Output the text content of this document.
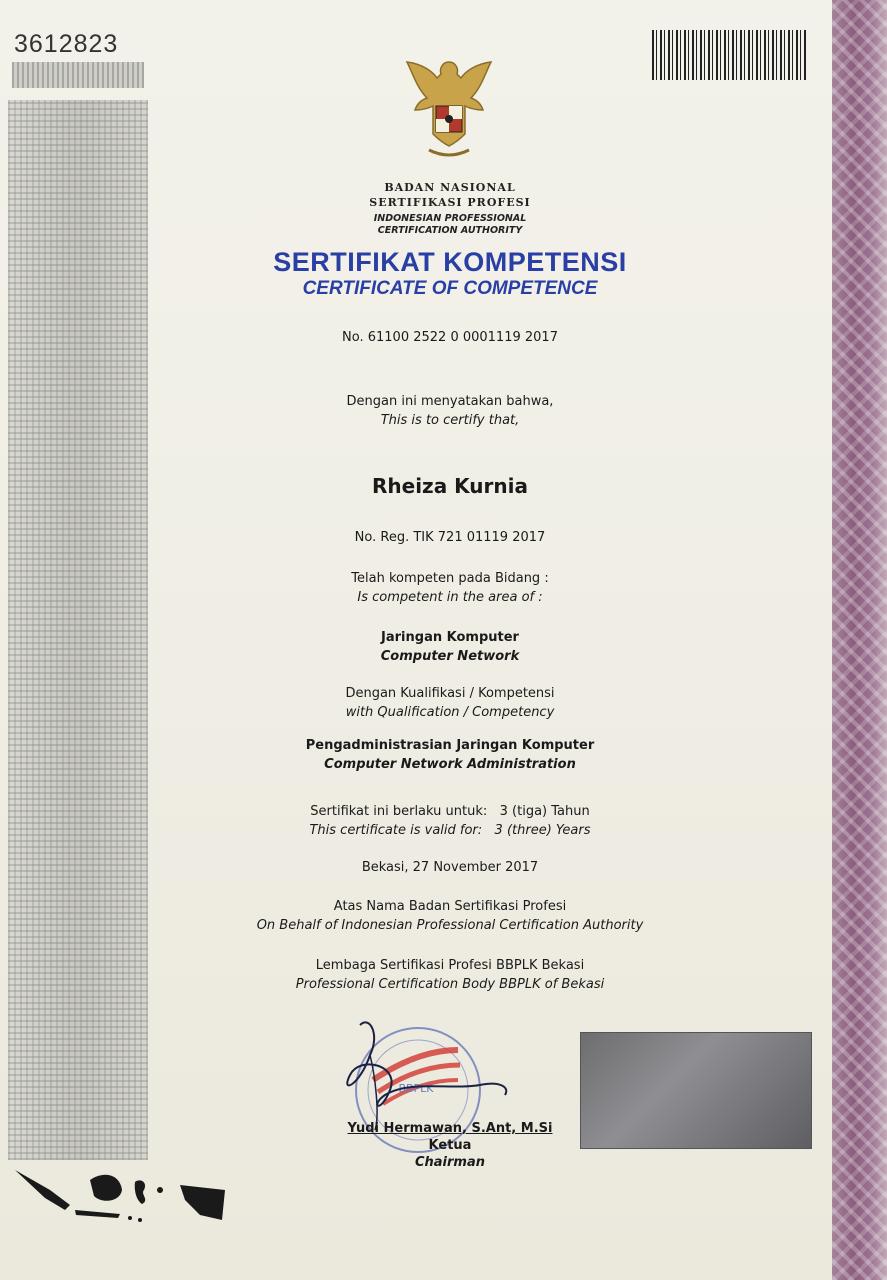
3612823
BADAN NASIONAL
SERTIFIKASI PROFESI
INDONESIAN PROFESSIONAL
CERTIFICATION AUTHORITY
SERTIFIKAT KOMPETENSI
CERTIFICATE OF COMPETENCE
No. 61100 2522 0 0001119 2017
Dengan ini menyatakan bahwa,
This is to certify that,
Rheiza Kurnia
No. Reg. TIK 721 01119 2017
Telah kompeten pada Bidang :
Is competent in the area of :
Jaringan Komputer
Computer Network
Dengan Kualifikasi / Kompetensi
with Qualification / Competency
Pengadministrasian Jaringan Komputer
Computer Network Administration
Sertifikat ini berlaku untuk:   3 (tiga) Tahun
This certificate is valid for:   3 (three) Years
Bekasi, 27 November 2017
Atas Nama Badan Sertifikasi Profesi
On Behalf of Indonesian Professional Certification Authority
Lembaga Sertifikasi Profesi BBPLK Bekasi
Professional Certification Body BBPLK of Bekasi
BBPLK
Yudi Hermawan, S.Ant, M.Si
Ketua
Chairman
